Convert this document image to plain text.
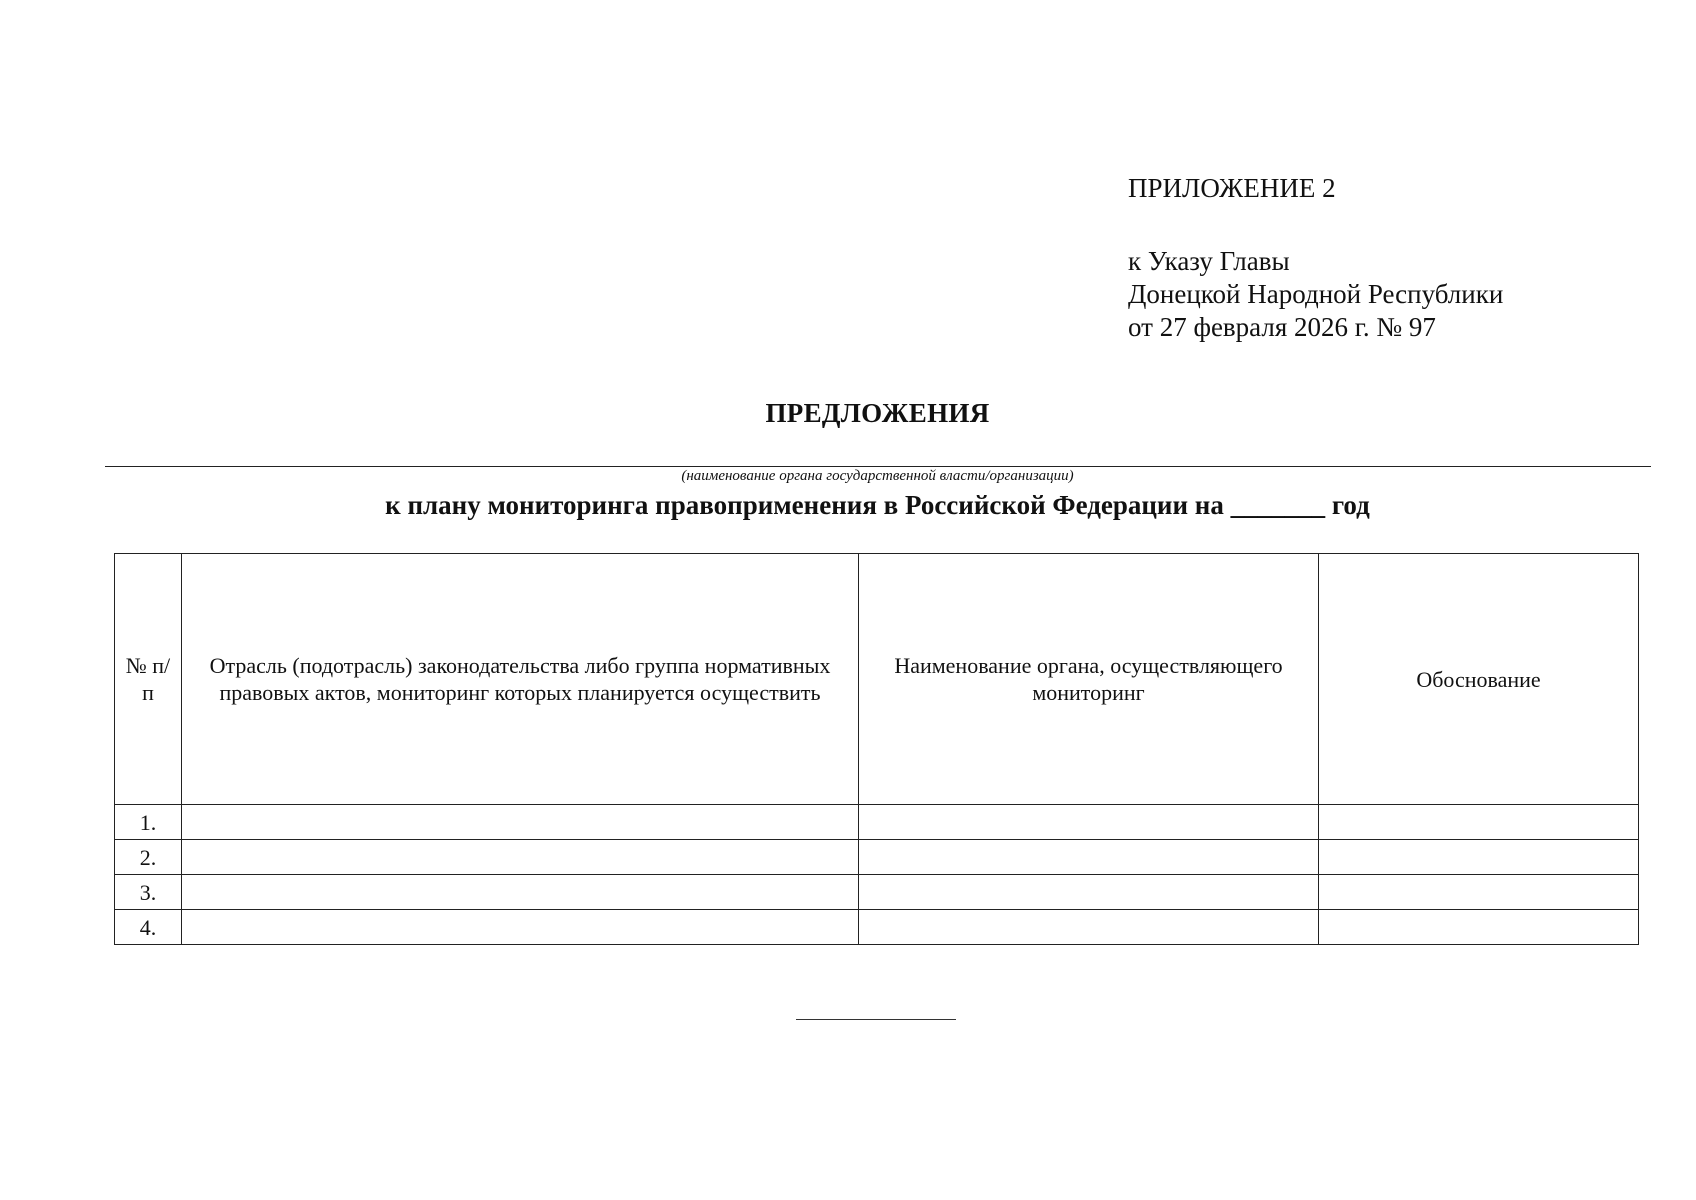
ПРИЛОЖЕНИЕ 2
к Указу Главы
Донецкой Народной Республики
от 27 февраля 2026 г. № 97
ПРЕДЛОЖЕНИЯ
(наименование органа государственной власти/организации)
к плану мониторинга правоприменения в Российской Федерации на _______ год
№ п/п	Отрасль (подотрасль) законодательства либо группа нормативных правовых актов, мониторинг которых планируется осуществить	Наименование органа, осуществляющего мониторинг	Обоснование
1.			
2.			
3.			
4.			
